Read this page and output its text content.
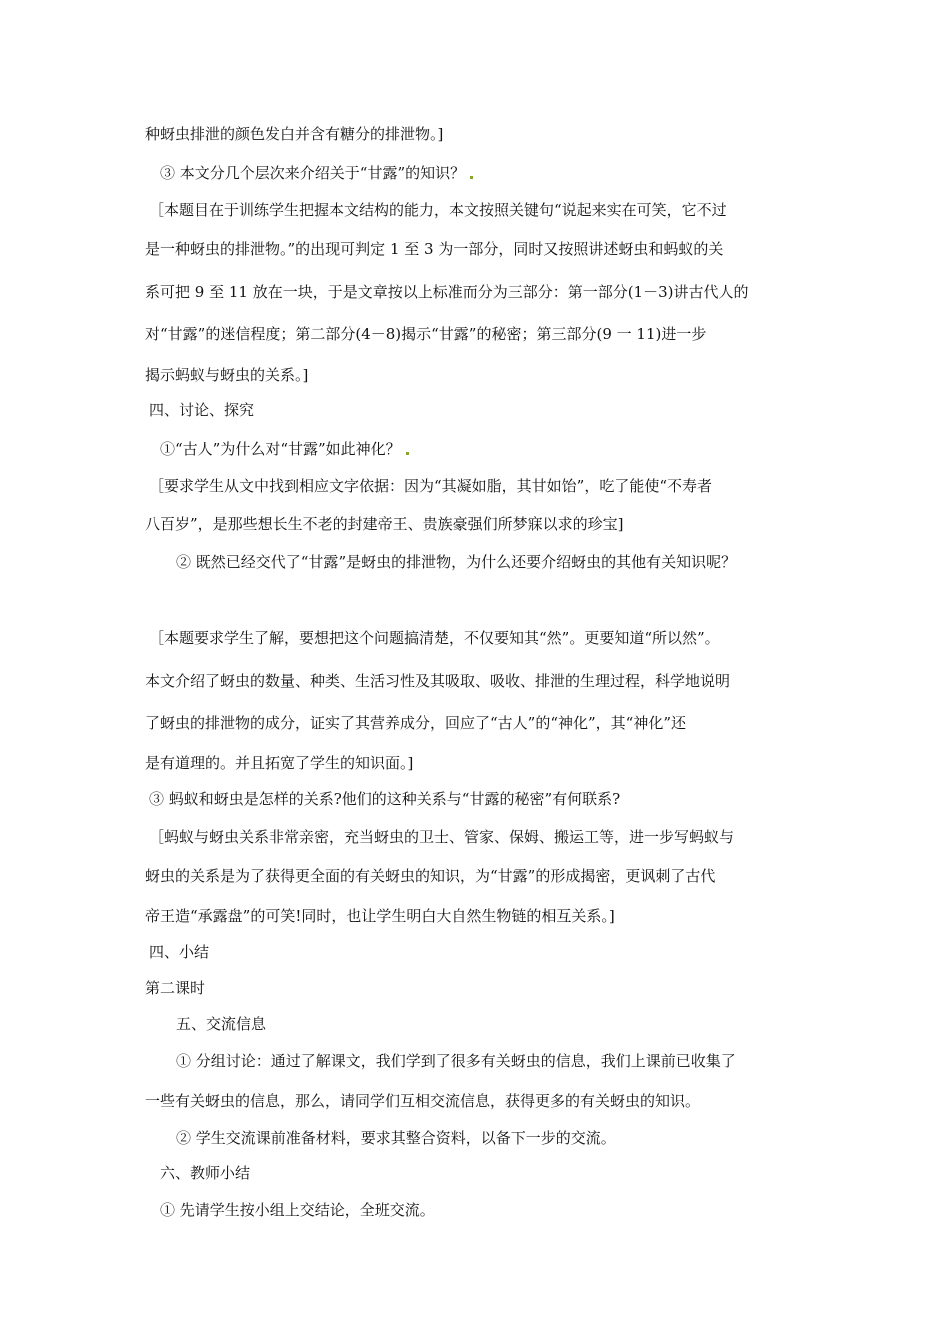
种蚜虫排泄的颜色发白并含有糖分的排泄物。]
③ 本文分几个层次来介绍关于“甘露”的知识？
［本题目在于训练学生把握本文结构的能力，本文按照关键句“说起来实在可笑，它不过
是一种蚜虫的排泄物。”的出现可判定 1 至 3 为一部分，同时又按照讲述蚜虫和蚂蚁的关
系可把 9 至 11 放在一块，于是文章按以上标准而分为三部分：第一部分(1－3)讲古代人的
对“甘露”的迷信程度；第二部分(4－8)揭示“甘露”的秘密；第三部分(9 一 11)进一步
揭示蚂蚁与蚜虫的关系。]
四、讨论、探究
①“古人”为什么对“甘露”如此神化？
［要求学生从文中找到相应文字依据：因为“其凝如脂，其甘如饴”，吃了能使“不寿者
八百岁”，是那些想长生不老的封建帝王、贵族豪强们所梦寐以求的珍宝]
② 既然已经交代了“甘露”是蚜虫的排泄物，为什么还要介绍蚜虫的其他有关知识呢？
［本题要求学生了解，要想把这个问题搞清楚，不仅要知其“然”。更要知道“所以然”。
本文介绍了蚜虫的数量、种类、生活习性及其吸取、吸收、排泄的生理过程，科学地说明
了蚜虫的排泄物的成分，证实了其营养成分，回应了“古人”的“神化”，其“神化”还
是有道理的。并且拓宽了学生的知识面。]
③ 蚂蚁和蚜虫是怎样的关系?他们的这种关系与“甘露的秘密”有何联系?
［蚂蚁与蚜虫关系非常亲密，充当蚜虫的卫士、管家、保姆、搬运工等，进一步写蚂蚁与
蚜虫的关系是为了获得更全面的有关蚜虫的知识，为“甘露”的形成揭密，更讽刺了古代
帝王造“承露盘”的可笑!同时，也让学生明白大自然生物链的相互关系。]
四、小结
第二课时
五、交流信息
① 分组讨论：通过了解课文，我们学到了很多有关蚜虫的信息，我们上课前已收集了
一些有关蚜虫的信息，那么，请同学们互相交流信息，获得更多的有关蚜虫的知识。
② 学生交流课前准备材料，要求其整合资料，以备下一步的交流。
六、教师小结
① 先请学生按小组上交结论，全班交流。
